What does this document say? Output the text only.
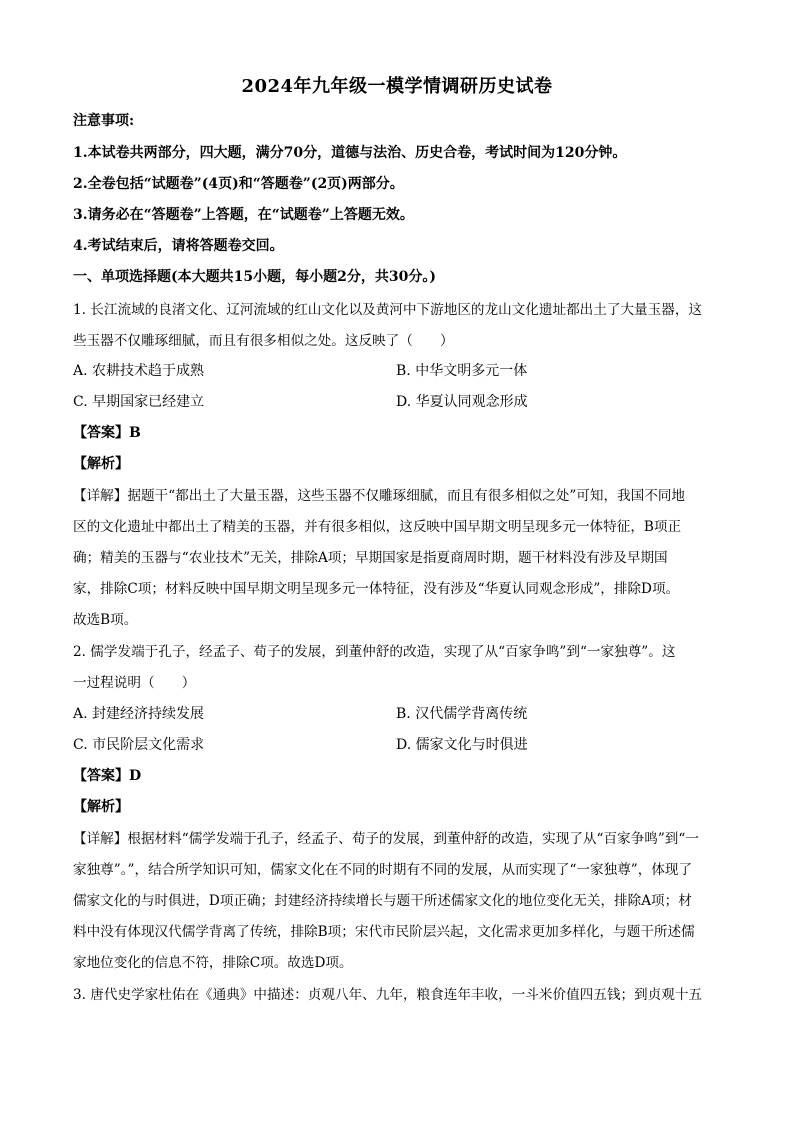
2024年九年级一模学情调研历史试卷
注意事项:
1.本试卷共两部分，四大题，满分70分，道德与法治、历史合卷，考试时间为120分钟。
2.全卷包括“试题卷”(4页)和“答题卷”(2页)两部分。
3.请务必在“答题卷”上答题，在“试题卷”上答题无效。
4.考试结束后，请将答题卷交回。
一、单项选择题(本大题共15小题，每小题2分，共30分。)
1. 长江流域的良渚文化、辽河流域的红山文化以及黄河中下游地区的龙山文化遗址都出土了大量玉器，这
些玉器不仅雕琢细腻，而且有很多相似之处。这反映了（　　）
A. 农耕技术趋于成熟	B. 中华文明多元一体
C. 早期国家已经建立	D. 华夏认同观念形成
【答案】B
【解析】
【详解】据题干“都出土了大量玉器，这些玉器不仅雕琢细腻，而且有很多相似之处”可知，我国不同地
区的文化遗址中都出土了精美的玉器，并有很多相似，这反映中国早期文明呈现多元一体特征，B项正
确；精美的玉器与“农业技术”无关，排除A项；早期国家是指夏商周时期，题干材料没有涉及早期国
家，排除C项；材料反映中国早期文明呈现多元一体特征，没有涉及“华夏认同观念形成”，排除D项。
故选B项。
2. 儒学发端于孔子，经孟子、荀子的发展，到董仲舒的改造，实现了从“百家争鸣”到“一家独尊”。这
一过程说明（　　）
A. 封建经济持续发展	B. 汉代儒学背离传统
C. 市民阶层文化需求	D. 儒家文化与时俱进
【答案】D
【解析】
【详解】根据材料“儒学发端于孔子，经孟子、荀子的发展，到董仲舒的改造，实现了从“百家争鸣”到“一
家独尊”。”，结合所学知识可知，儒家文化在不同的时期有不同的发展，从而实现了“一家独尊”，体现了
儒家文化的与时俱进，D项正确；封建经济持续增长与题干所述儒家文化的地位变化无关，排除A项；材
料中没有体现汉代儒学背离了传统，排除B项；宋代市民阶层兴起，文化需求更加多样化，与题干所述儒
家地位变化的信息不符，排除C项。故选D项。
3. 唐代史学家杜佑在《通典》中描述：贞观八年、九年，粮食连年丰收，一斗米价值四五钱；到贞观十五
